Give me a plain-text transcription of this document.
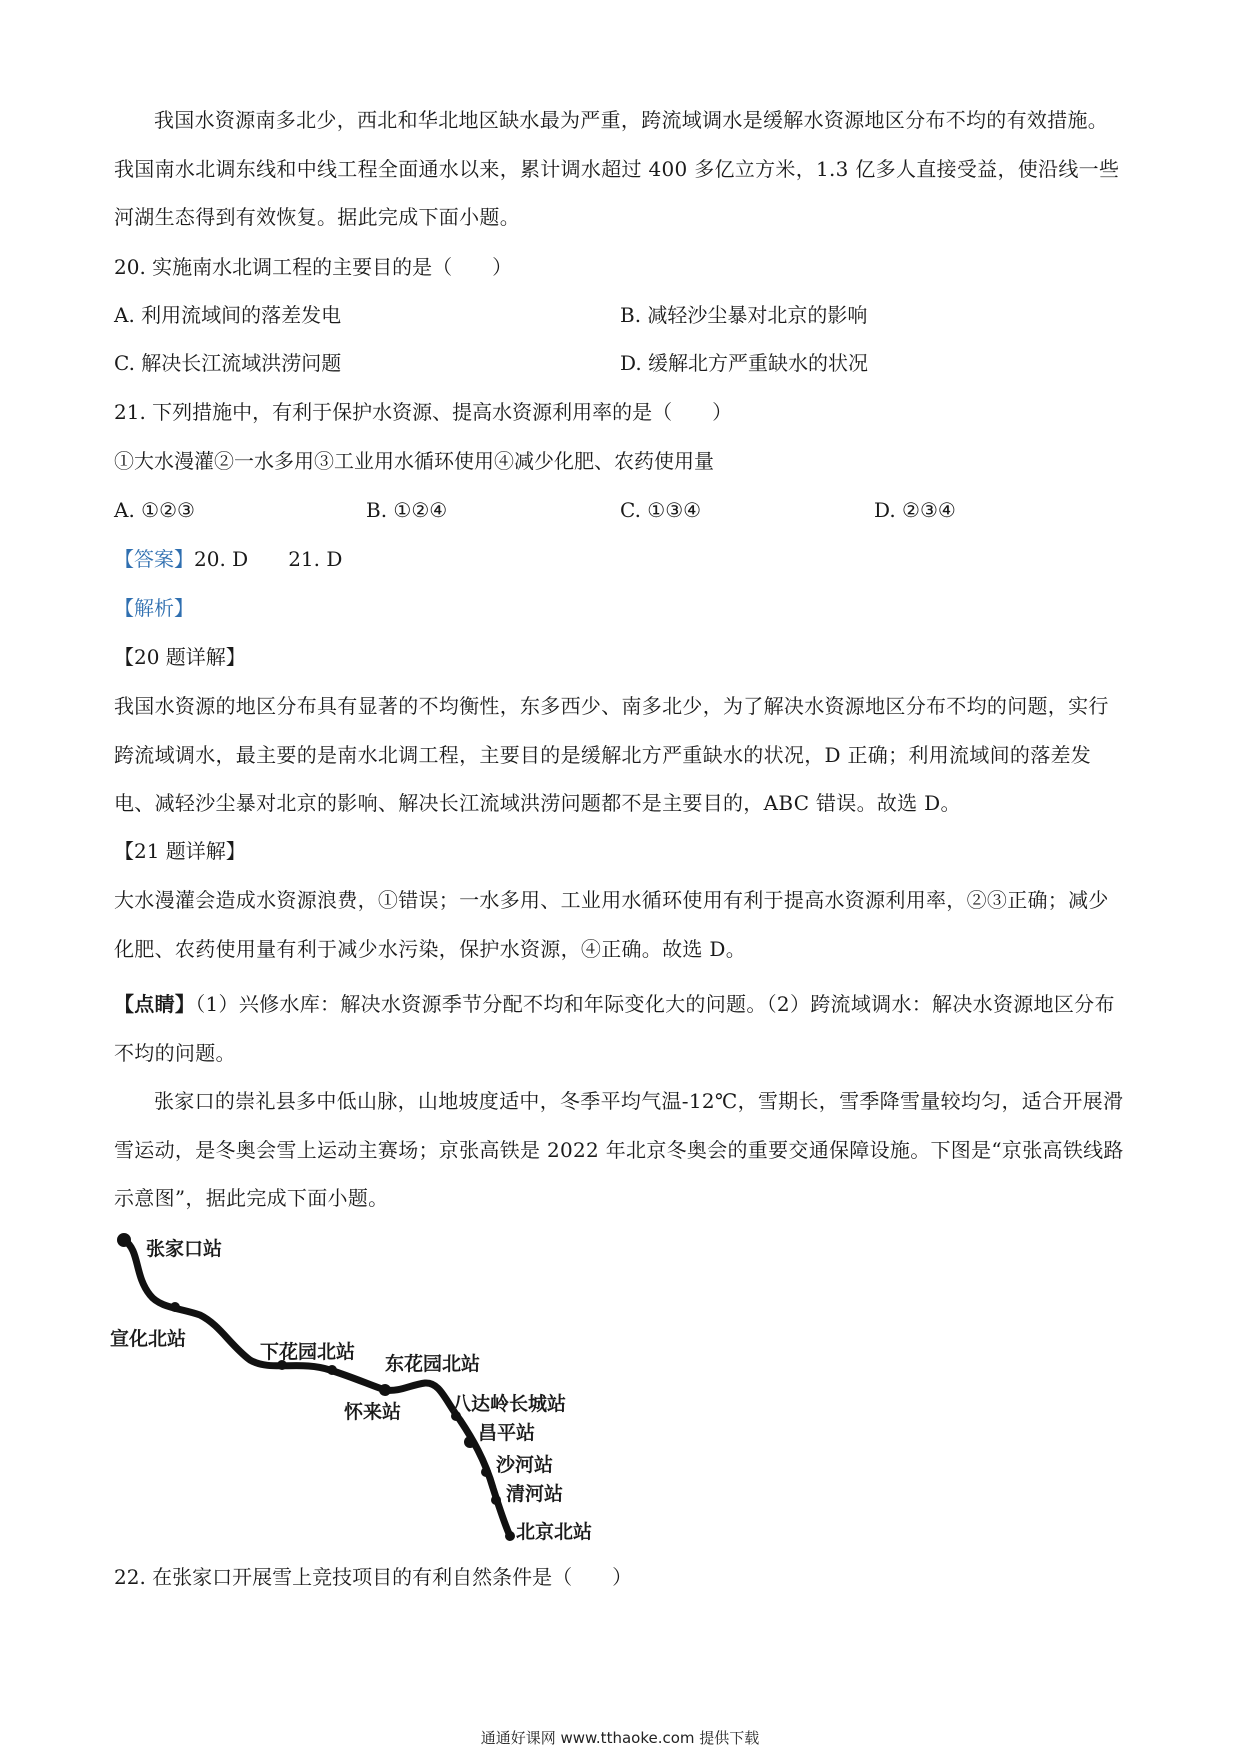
我国水资源南多北少，西北和华北地区缺水最为严重，跨流域调水是缓解水资源地区分布不均的有效措施。我国南水北调东线和中线工程全面通水以来，累计调水超过 400 多亿立方米，1.3 亿多人直接受益，使沿线一些河湖生态得到有效恢复。据此完成下面小题。
20. 实施南水北调工程的主要目的是（　　）
A. 利用流域间的落差发电	B. 减轻沙尘暴对北京的影响
C. 解决长江流域洪涝问题	D. 缓解北方严重缺水的状况
21. 下列措施中，有利于保护水资源、提高水资源利用率的是（　　）
①大水漫灌②一水多用③工业用水循环使用④减少化肥、农药使用量
A. ①②③	B. ①②④	C. ①③④	D. ②③④
【答案】20. D　　21. D
【解析】
【20 题详解】
我国水资源的地区分布具有显著的不均衡性，东多西少、南多北少，为了解决水资源地区分布不均的问题，实行跨流域调水，最主要的是南水北调工程，主要目的是缓解北方严重缺水的状况，D 正确；利用流域间的落差发电、减轻沙尘暴对北京的影响、解决长江流域洪涝问题都不是主要目的，ABC 错误。故选 D。
【21 题详解】
大水漫灌会造成水资源浪费，①错误；一水多用、工业用水循环使用有利于提高水资源利用率，②③正确；减少化肥、农药使用量有利于减少水污染，保护水资源，④正确。故选 D。
【点睛】（1）兴修水库：解决水资源季节分配不均和年际变化大的问题。（2）跨流域调水：解决水资源地区分布不均的问题。
张家口的崇礼县多中低山脉，山地坡度适中，冬季平均气温-12℃，雪期长，雪季降雪量较均匀，适合开展滑雪运动，是冬奥会雪上运动主赛场；京张高铁是 2022 年北京冬奥会的重要交通保障设施。下图是“京张高铁线路示意图”，据此完成下面小题。
张家口站
宣化北站
下花园北站
东花园北站
怀来站	八达岭长城站
昌平站
沙河站
清河站
北京北站
22. 在张家口开展雪上竞技项目的有利自然条件是（　　）
通通好课网 www.tthaoke.com 提供下载
